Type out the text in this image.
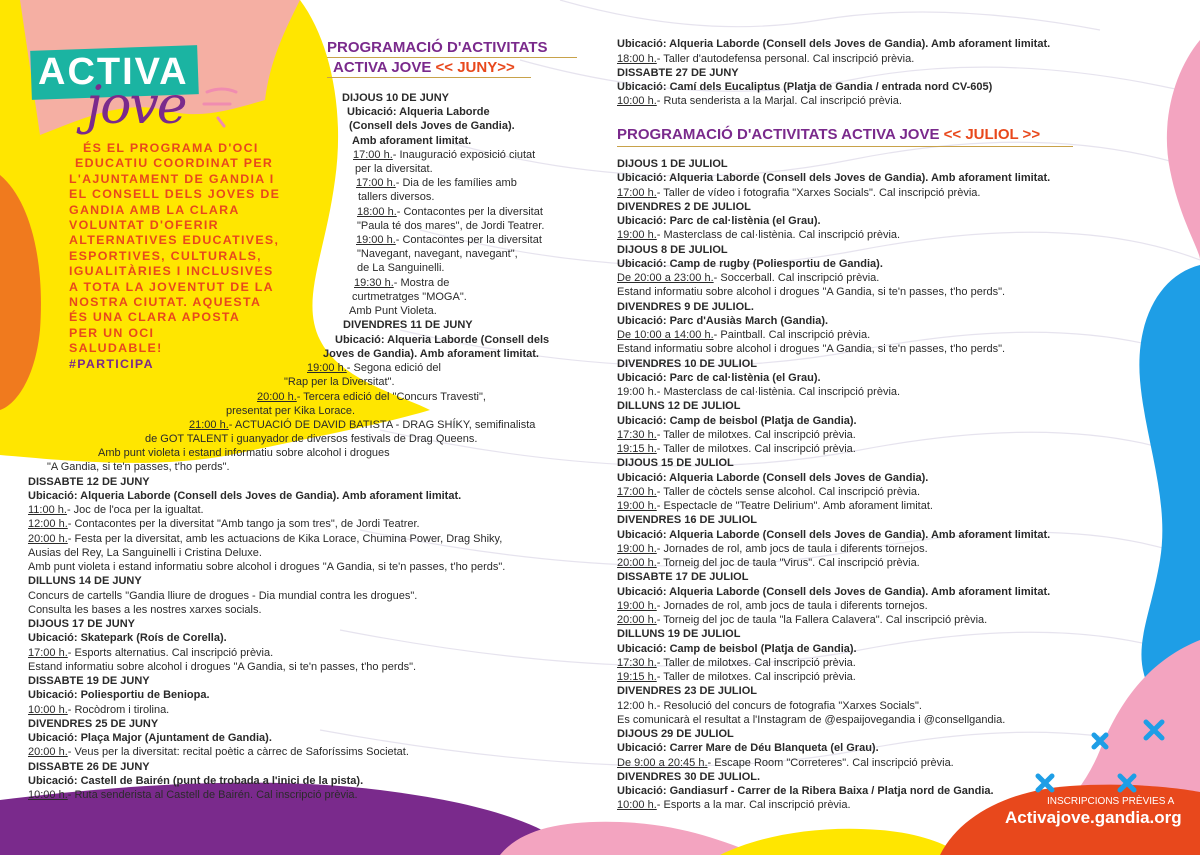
ACTIVA
jove
ÉS EL PROGRAMA D'OCI
EDUCATIU COORDINAT PER
L'AJUNTAMENT DE GANDIA I
EL CONSELL DELS JOVES DE
GANDIA AMB LA CLARA
VOLUNTAT D'OFERIR
ALTERNATIVES EDUCATIVES,
ESPORTIVES, CULTURALS,
IGUALITÀRIES I INCLUSIVES
A TOTA LA JOVENTUT DE LA
NOSTRA CIUTAT. AQUESTA
ÉS UNA CLARA APOSTA
PER UN OCI
SALUDABLE!
#PARTICIPA
PROGRAMACIÓ D'ACTIVITATS
ACTIVA JOVE << JUNY>>
PROGRAMACIÓ D'ACTIVITATS ACTIVA JOVE << JULIOL >>
DIJOUS 10 DE JUNY
Ubicació: Alqueria Laborde
(Consell dels Joves de Gandia).
Amb aforament limitat.
17:00 h.- Inauguració exposició ciutat
per la diversitat.
17:00 h.- Dia de les famílies amb
tallers diversos.
18:00 h.- Contacontes per la diversitat
"Paula té dos mares", de Jordi Teatrer.
19:00 h.- Contacontes per la diversitat
"Navegant, navegant, navegant",
de La Sanguinelli.
19:30 h.- Mostra de
curtmetratges "MOGA".
Amb Punt Violeta.
DIVENDRES 11 DE JUNY
Ubicació: Alqueria Laborde (Consell dels
Joves de Gandia). Amb aforament limitat.
19:00 h.- Segona edició del
"Rap per la Diversitat".
20:00 h.- Tercera edició del "Concurs Travesti",
presentat per Kika Lorace.
21:00 h.- ACTUACIÓ DE DAVID BATISTA - DRAG SHÍKY, semifinalista
de GOT TALENT i guanyador de diversos festivals de Drag Queens.
Amb punt violeta i estand informatiu sobre alcohol i drogues
"A Gandia, si te'n passes, t'ho perds".
DISSABTE 12 DE JUNY
Ubicació: Alqueria Laborde (Consell dels Joves de Gandia). Amb aforament limitat.
11:00 h.- Joc de l'oca per la igualtat.
12:00 h.- Contacontes per la diversitat "Amb tango ja som tres", de Jordi Teatrer.
20:00 h.- Festa per la diversitat, amb les actuacions de Kika Lorace, Chumina Power, Drag Shiky,
Ausias del Rey, La Sanguinelli i Cristina Deluxe.
Amb punt violeta i estand informatiu sobre alcohol i drogues "A Gandia, si te'n passes, t'ho perds".
DILLUNS 14 DE JUNY
Concurs de cartells "Gandia lliure de drogues - Dia mundial contra les drogues".
Consulta les bases a les nostres xarxes socials.
DIJOUS 17 DE JUNY
Ubicació: Skatepark (Roís de Corella).
17:00 h.- Esports alternatius. Cal inscripció prèvia.
Estand informatiu sobre alcohol i drogues "A Gandia, si te'n passes, t'ho perds".
DISSABTE 19 DE JUNY
Ubicació: Poliesportiu de Beniopa.
10:00 h.- Rocòdrom i tirolina.
DIVENDRES 25 DE JUNY
Ubicació: Plaça Major (Ajuntament de Gandia).
20:00 h.- Veus per la diversitat: recital poètic a càrrec de Saforíssims Societat.
DISSABTE 26 DE JUNY
Ubicació: Castell de Bairén (punt de trobada a l'inici de la pista).
10:00 h.- Ruta senderista al Castell de Bairén. Cal inscripció prèvia.
Ubicació: Alqueria Laborde (Consell dels Joves de Gandia). Amb aforament limitat.
18:00 h.- Taller d'autodefensa personal. Cal inscripció prèvia.
DISSABTE 27 DE JUNY
Ubicació: Camí dels Eucaliptus (Platja de Gandia / entrada nord CV-605)
10:00 h.- Ruta senderista a la Marjal. Cal inscripció prèvia.
DIJOUS 1 DE JULIOL
Ubicació: Alqueria Laborde (Consell dels Joves de Gandia). Amb aforament limitat.
17:00 h.- Taller de vídeo i fotografia "Xarxes Socials". Cal inscripció prèvia.
DIVENDRES 2 DE JULIOL
Ubicació: Parc de cal·listènia (el Grau).
19:00 h.- Masterclass de cal·listènia. Cal inscripció prèvia.
DIJOUS 8 DE JULIOL
Ubicació: Camp de rugby (Poliesportiu de Gandia).
De 20:00 a 23:00 h.- Soccerball. Cal inscripció prèvia.
Estand informatiu sobre alcohol i drogues "A Gandia, si te'n passes, t'ho perds".
DIVENDRES 9 DE JULIOL.
Ubicació: Parc d'Ausiàs March (Gandia).
De 10:00 a 14:00 h.- Paintball. Cal inscripció prèvia.
Estand informatiu sobre alcohol i drogues "A Gandia, si te'n passes, t'ho perds".
DIVENDRES 10 DE JULIOL
Ubicació: Parc de cal·listènia (el Grau).
19:00 h.- Masterclass de cal·listènia. Cal inscripció prèvia.
DILLUNS 12 DE JULIOL
Ubicació: Camp de beisbol (Platja de Gandia).
17:30 h.- Taller de milotxes. Cal inscripció prèvia.
19:15 h.- Taller de milotxes. Cal inscripció prèvia.
DIJOUS 15 DE JULIOL
Ubicació: Alqueria Laborde (Consell dels Joves de Gandia).
17:00 h.- Taller de còctels sense alcohol. Cal inscripció prèvia.
19:00 h.- Espectacle de "Teatre Delirium". Amb aforament limitat.
DIVENDRES 16 DE JULIOL
Ubicació: Alqueria Laborde (Consell dels Joves de Gandia). Amb aforament limitat.
19:00 h.- Jornades de rol, amb jocs de taula i diferents tornejos.
20:00 h.- Torneig del joc de taula "Virus". Cal inscripció prèvia.
DISSABTE 17 DE JULIOL
Ubicació: Alqueria Laborde (Consell dels Joves de Gandia). Amb aforament limitat.
19:00 h.- Jornades de rol, amb jocs de taula i diferents tornejos.
20:00 h.- Torneig del joc de taula "la Fallera Calavera". Cal inscripció prèvia.
DILLUNS 19 DE JULIOL
Ubicació: Camp de beisbol (Platja de Gandia).
17:30 h.- Taller de milotxes. Cal inscripció prèvia.
19:15 h.- Taller de milotxes. Cal inscripció prèvia.
DIVENDRES 23 DE JULIOL
12:00 h.- Resolució del concurs de fotografia "Xarxes Socials".
Es comunicarà el resultat a l'Instagram de @espaijovegandia i @consellgandia.
DIJOUS 29 DE JULIOL
Ubicació: Carrer Mare de Déu Blanqueta (el Grau).
De 9:00 a 20:45 h.- Escape Room "Correteres". Cal inscripció prèvia.
DIVENDRES 30 DE JULIOL.
Ubicació: Gandiasurf - Carrer de la Ribera Baixa / Platja nord de Gandia.
10:00 h.- Esports a la mar. Cal inscripció prèvia.	INSCRIPCIONS PRÈVIES A
Activajove.gandia.org
